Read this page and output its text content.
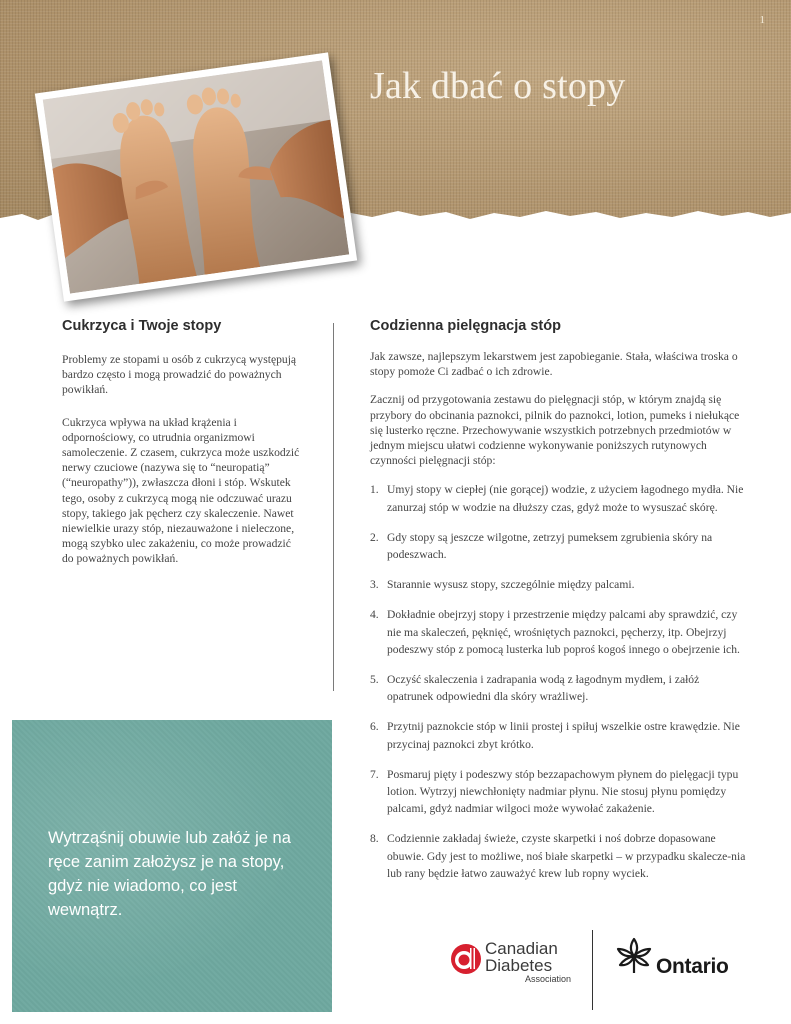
1
Jak dbać o stopy
Cukrzyca i Twoje stopy

Problemy ze stopami u osób z cukrzycą występują bardzo często i mogą prowadzić do poważnych powikłań.

Cukrzyca wpływa na układ krążenia i odpornościowy, co utrudnia organizmowi samoleczenie. Z czasem, cukrzyca może uszkodzić nerwy czuciowe (nazywa się to “neuropatią” (“neuropathy”)), zwłaszcza dłoni i stóp. Wskutek tego, osoby z cukrzycą mogą nie odczuwać urazu stopy, takiego jak pęcherz czy skaleczenie. Nawet niewielkie urazy stóp, niezauważone i nieleczone, mogą szybko ulec zakażeniu, co może prowadzić do poważnych powikłań.

Codzienna pielęgnacja stóp

Jak zawsze, najlepszym lekarstwem jest zapobieganie. Stała, właściwa troska o stopy pomoże Ci zadbać o ich zdrowie.

Zacznij od przygotowania zestawu do pielęgnacji stóp, w którym znajdą się przybory do obcinania paznokci, pilnik do paznokci, lotion, pumeks i niełukące się lusterko ręczne. Przechowywanie wszystkich potrzebnych przedmiotów w jednym miejscu ułatwi codzienne wykonywanie poniższych rutynowych czynności pielęgnacji stóp:

1. Umyj stopy w ciepłej (nie gorącej) wodzie, z użyciem łagodnego mydła. Nie zanurzaj stóp w wodzie na dłuższy czas, gdyż może to wysuszać skórę.
2. Gdy stopy są jeszcze wilgotne, zetrzyj pumeksem zgrubienia skóry na podeszwach.
3. Starannie wysusz stopy, szczególnie między palcami.
4. Dokładnie obejrzyj stopy i przestrzenie między palcami aby sprawdzić, czy nie ma skaleczeń, pęknięć, wrośniętych paznokci, pęcherzy, itp. Obejrzyj podeszwy stóp z pomocą lusterka lub poproś kogoś innego o obejrzenie ich.
5. Oczyść skaleczenia i zadrapania wodą z łagodnym mydłem, i załóż opatrunek odpowiedni dla skóry wrażliwej.
6. Przytnij paznokcie stóp w linii prostej i spiłuj wszelkie ostre krawędzie. Nie przycinaj paznokci zbyt krótko.
7. Posmaruj pięty i podeszwy stóp bezzapachowym płynem do pielęgacji typu lotion. Wytrzyj niewchłonięty nadmiar płynu. Nie stosuj płynu pomiędzy palcami, gdyż nadmiar wilgoci może wywołać zakażenie.
8. Codziennie zakładaj świeże, czyste skarpetki i noś dobrze dopasowane obuwie. Gdy jest to możliwe, noś białe skarpetki – w przypadku skalecze-nia lub rany będzie łatwo zauważyć krew lub ropny wyciek.

Wytrząśnij obuwie lub załóż je na ręce zanim założysz je na stopy, gdyż nie wiadomo, co jest wewnątrz.

Canadian
Diabetes
Association
Ontario
